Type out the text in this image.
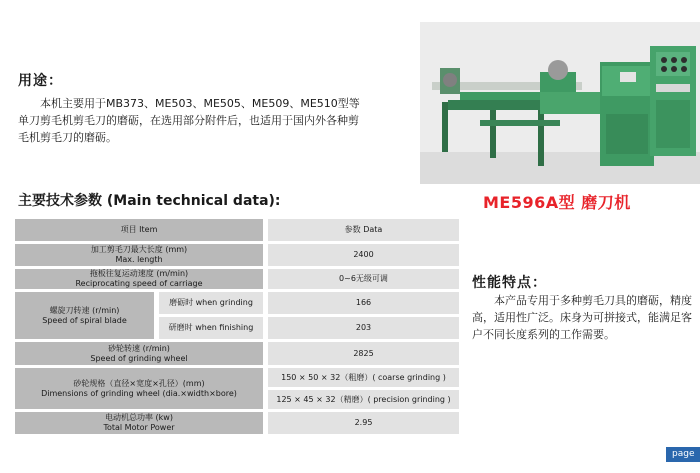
用途：

本机主要用于MB373、ME503、ME505、ME509、ME510型等单刀剪毛机剪毛刀的磨砺，在选用部分附件后，也适用于国内外各种剪毛机剪毛刀的磨砺。

ME596A型 磨刀机
主要技术参数 (Main technical data):
项目 Item		参数 Data

加工剪毛刀最大长度 (mm)
Max. length		2400

拖板往复运动速度 (m/min)
Reciprocating speed of carriage		0~6无级可调

螺旋刀转速 (r/min)
Speed of spiral blade	磨砺时 when grinding	166
	研磨时 when finishing	203

砂轮转速 (r/min)
Speed of grinding wheel		2825

砂轮规格（直径×宽度×孔径）(mm)
Dimensions of grinding wheel (dia.×width×bore)		150 × 50 × 32（粗磨）( coarse grinding )
		125 × 45 × 32（精磨）( precision grinding )

电动机总功率 (kw)
Total Motor Power		2.95
性能特点：

本产品专用于多种剪毛刀具的磨砺，精度高，适用性广泛。床身为可拼接式，能满足客户不同长度系列的工作需要。

page
